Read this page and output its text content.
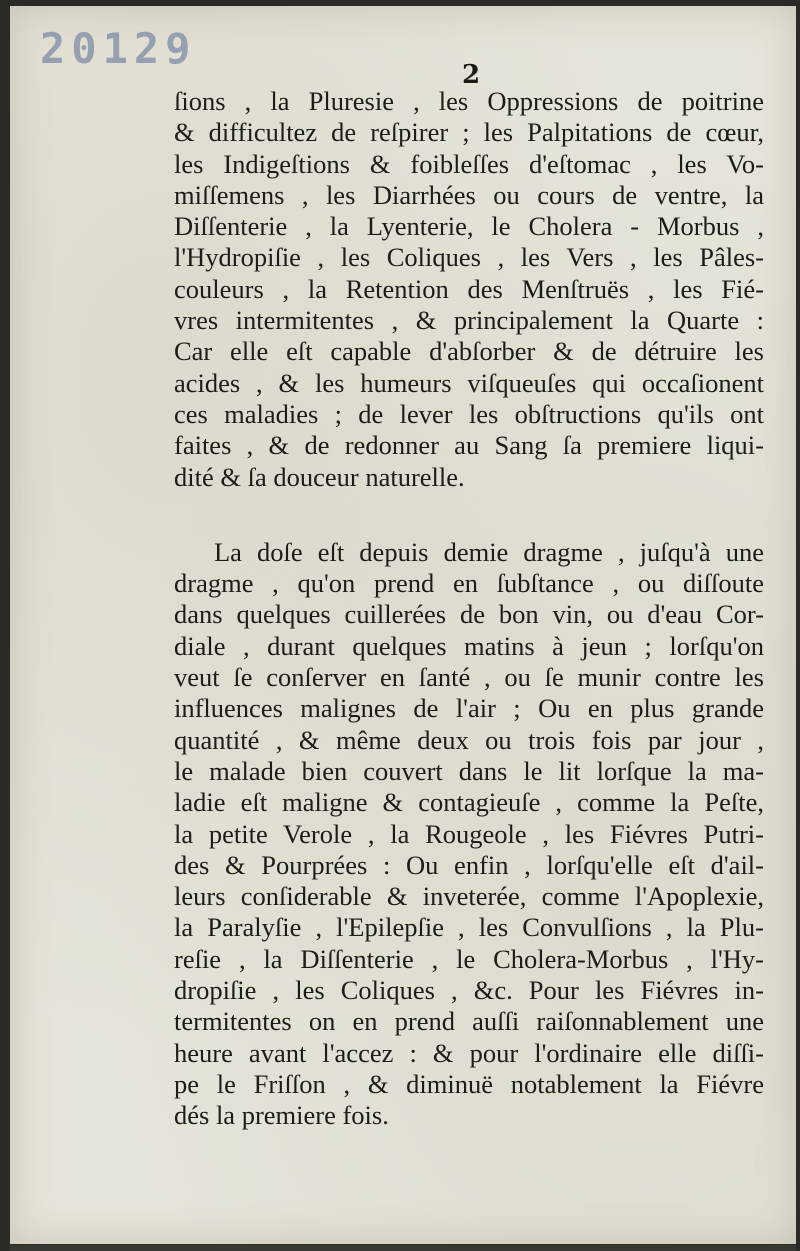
20129
2
ſions , la Pluresie , les Oppressions de poitrine
& difficultez de reſpirer ; les Palpitations de cœur,
les Indigeſtions & foibleſſes d'eſtomac , les Vo-
miſſemens , les Diarrhées ou cours de ventre, la
Diſſenterie , la Lyenterie, le Cholera - Morbus ,
l'Hydropiſie , les Coliques , les Vers , les Pâles-
couleurs , la Retention des Menſtruës , les Fié-
vres intermitentes , & principalement la Quarte :
Car elle eſt capable d'abſorber & de détruire les
acides , & les humeurs viſqueuſes qui occaſionent
ces maladies ; de lever les obſtructions qu'ils ont
faites , & de redonner au Sang ſa premiere liqui-
dité & ſa douceur naturelle.
La doſe eſt depuis demie dragme , juſqu'à une
dragme , qu'on prend en ſubſtance , ou diſſoute
dans quelques cuillerées de bon vin, ou d'eau Cor-
diale , durant quelques matins à jeun ; lorſqu'on
veut ſe conſerver en ſanté , ou ſe munir contre les
influences malignes de l'air ; Ou en plus grande
quantité , & même deux ou trois fois par jour ,
le malade bien couvert dans le lit lorſque la ma-
ladie eſt maligne & contagieuſe , comme la Peſte,
la petite Verole , la Rougeole , les Fiévres Putri-
des & Pourprées : Ou enfin , lorſqu'elle eſt d'ail-
leurs conſiderable & inveterée, comme l'Apoplexie,
la Paralyſie , l'Epilepſie , les Convulſions , la Plu-
reſie , la Diſſenterie , le Cholera-Morbus , l'Hy-
dropiſie , les Coliques , &c. Pour les Fiévres in-
termitentes on en prend auſſi raiſonnablement une
heure avant l'accez : & pour l'ordinaire elle diſſi-
pe le Friſſon , & diminuë notablement la Fiévre
dés la premiere fois.
